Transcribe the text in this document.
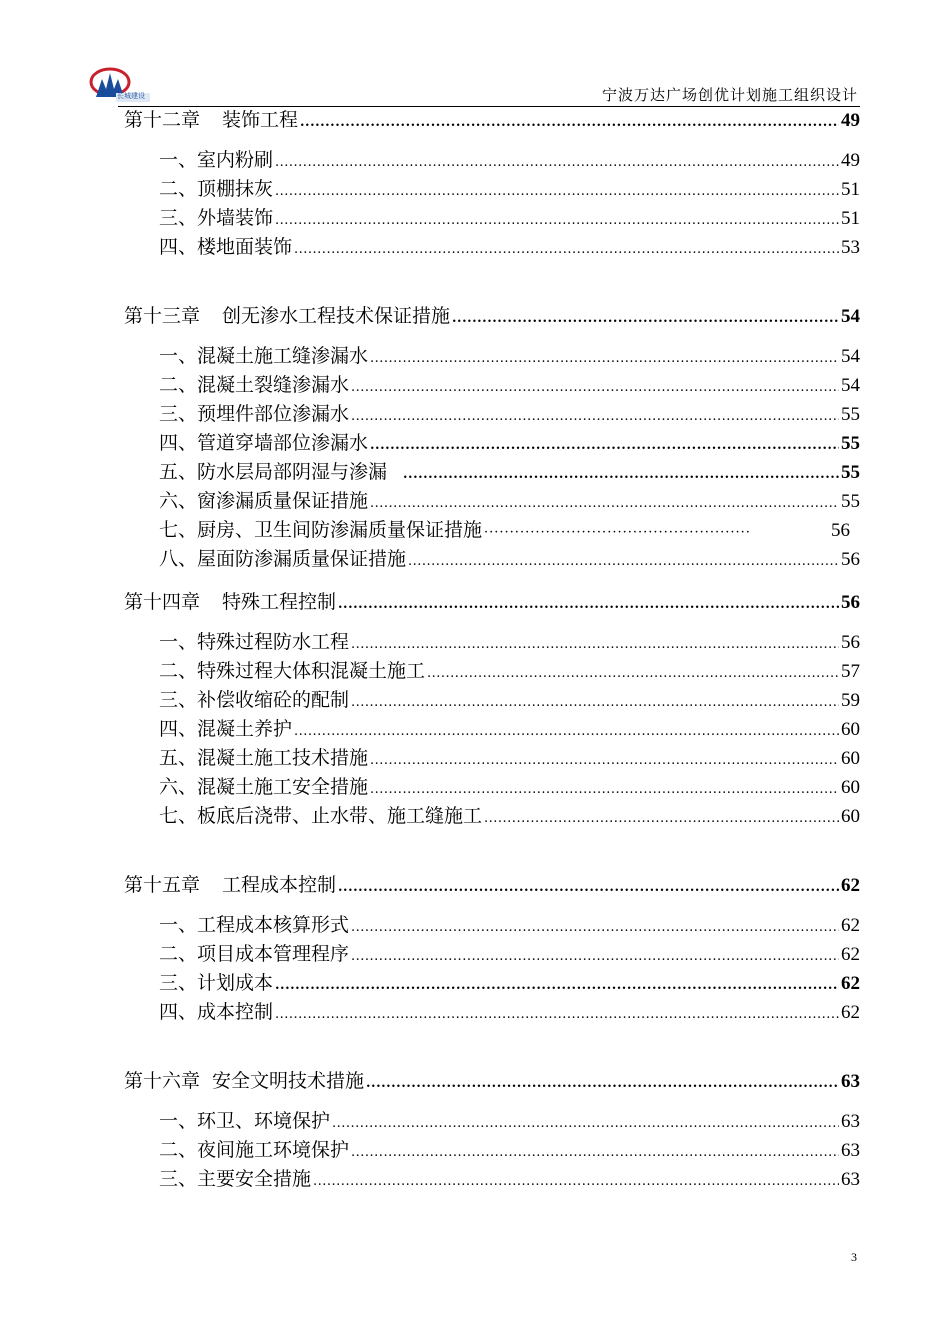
长城建设	宁波万达广场创优计划施工组织设计
第十二章 装饰工程 .....	49
一、室内粉刷 .....	49
二、顶棚抹灰 .....	51
三、外墙装饰 .....	51
四、楼地面装饰 .....	53
第十三章 创无渗水工程技术保证措施 .....	54
一、混凝土施工缝渗漏水 .....	54
二、混凝土裂缝渗漏水 .....	54
三、预埋件部位渗漏水 .....	55
四、管道穿墙部位渗漏水 .....	55
五、防水层局部阴湿与渗漏 .....	55
六、窗渗漏质量保证措施 .....	55
七、厨房、卫生间防渗漏质量保证措施 ·····	56
八、屋面防渗漏质量保证措施 .....	56
第十四章 特殊工程控制 .....	56
一、特殊过程防水工程 .....	56
二、特殊过程大体积混凝土施工 .....	57
三、补偿收缩砼的配制 .....	59
四、混凝土养护 .....	60
五、混凝土施工技术措施 .....	60
六、混凝土施工安全措施 .....	60
七、板底后浇带、止水带、施工缝施工 .....	60
第十五章 工程成本控制 .....	62
一、工程成本核算形式 .....	62
二、项目成本管理程序 .....	62
三、计划成本 .....	62
四、成本控制 .....	62
第十六章 安全文明技术措施 .....	63
一、环卫、环境保护 .....	63
二、夜间施工环境保护 .....	63
三、主要安全措施 .....	63
3
